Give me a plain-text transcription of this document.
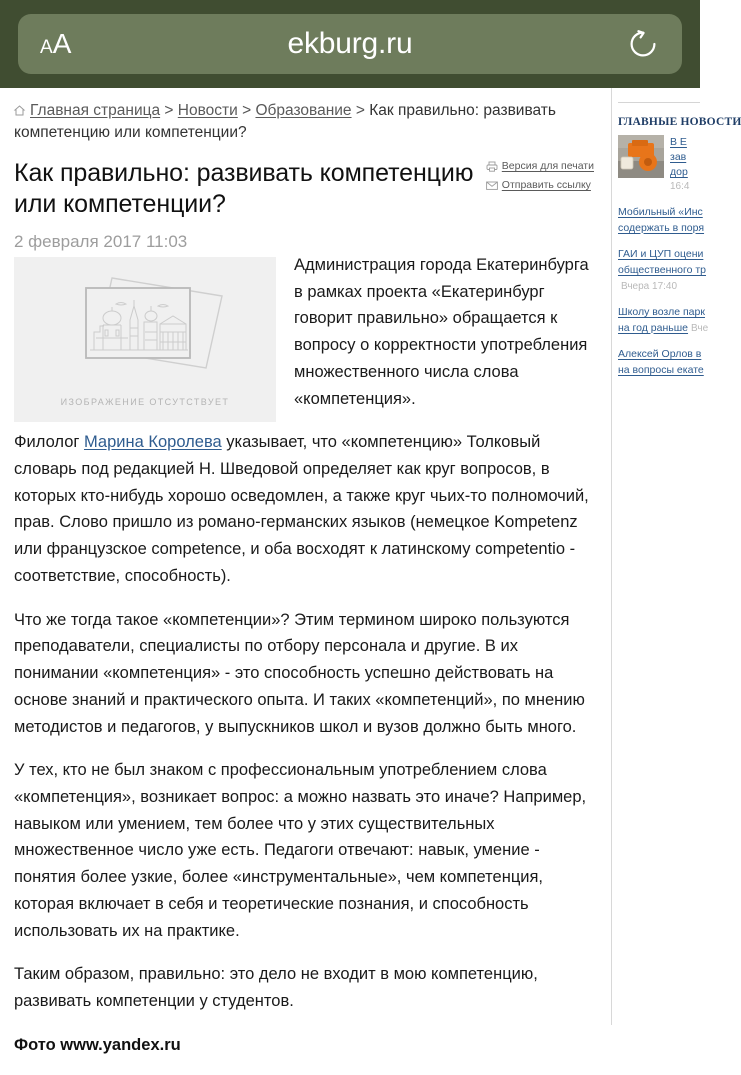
A A	ekburg.ru
Главная страница > Новости > Образование > Как правильно: развивать компетенцию или компетенции?
Как правильно: развивать компетенцию или компетенции?
2 февраля 2017 11:03
Версия для печати
Отправить ссылку
ИЗОБРАЖЕНИЕ ОТСУТСТВУЕТ

Администрация города Екатеринбурга в рамках проекта «Екатеринбург говорит правильно» обращается к вопросу о корректности употребления множественного числа слова «компетенция».

Филолог Марина Королева указывает, что «компетенцию» Толковый словарь под редакцией Н. Шведовой определяет как круг вопросов, в которых кто-нибудь хорошо осведомлен, а также круг чьих-то полномочий, прав. Слово пришло из романо-германских языков (немецкое Kompetenz или французское competence, и оба восходят к латинскому competentio - соответствие, способность).

Что же тогда такое «компетенции»? Этим термином широко пользуются преподаватели, специалисты по отбору персонала и другие. В их понимании «компетенция» - это способность успешно действовать на основе знаний и практического опыта. И таких «компетенций», по мнению методистов и педагогов, у выпускников школ и вузов должно быть много.

У тех, кто не был знаком с профессиональным употреблением слова «компетенция», возникает вопрос: а можно назвать это иначе? Например, навыком или умением, тем более что у этих существительных множественное число уже есть. Педагоги отвечают: навык, умение - понятия более узкие, более «инструментальные», чем компетенция, которая включает в себя и теоретические познания, и способность использовать их на практике.

Таким образом, правильно: это дело не входит в мою компетенцию, развивать компетенции у студентов.

Фото www.yandex.ru

ГЛАВНЫЕ НОВОСТИ
В Е
зав
дор
16:4
Мобильный «Инс
содержать в поря
ГАИ и ЦУП оцени
общественного тр
Вчера 17:40
Школу возле парк
на год раньше Вче
Алексей Орлов в
на вопросы екате
